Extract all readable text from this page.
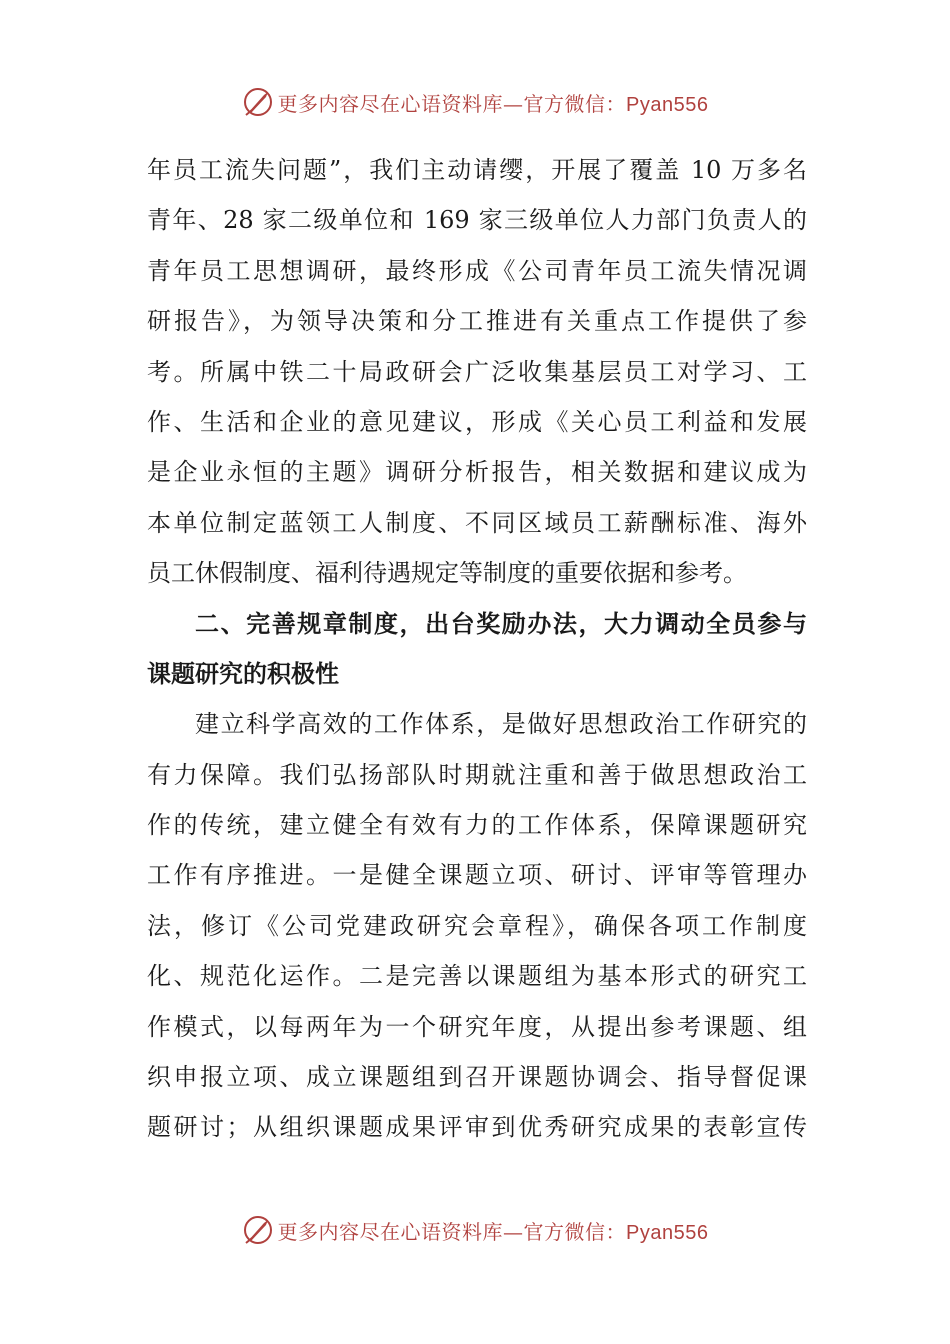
更多内容尽在心语资料库—官方微信：Pyan556
年员工流失问题”，我们主动请缨，开展了覆盖 10 万多名
青年、28 家二级单位和 169 家三级单位人力部门负责人的
青年员工思想调研，最终形成《公司青年员工流失情况调
研报告》，为领导决策和分工推进有关重点工作提供了参
考。所属中铁二十局政研会广泛收集基层员工对学习、工
作、生活和企业的意见建议，形成《关心员工利益和发展
是企业永恒的主题》调研分析报告，相关数据和建议成为
本单位制定蓝领工人制度、不同区域员工薪酬标准、海外
员工休假制度、福利待遇规定等制度的重要依据和参考。
二、完善规章制度，出台奖励办法，大力调动全员参与
课题研究的积极性
建立科学高效的工作体系，是做好思想政治工作研究的
有力保障。我们弘扬部队时期就注重和善于做思想政治工
作的传统，建立健全有效有力的工作体系，保障课题研究
工作有序推进。一是健全课题立项、研讨、评审等管理办
法，修订《公司党建政研究会章程》，确保各项工作制度
化、规范化运作。二是完善以课题组为基本形式的研究工
作模式，以每两年为一个研究年度，从提出参考课题、组
织申报立项、成立课题组到召开课题协调会、指导督促课
题研讨；从组织课题成果评审到优秀研究成果的表彰宣传
更多内容尽在心语资料库—官方微信：Pyan556
